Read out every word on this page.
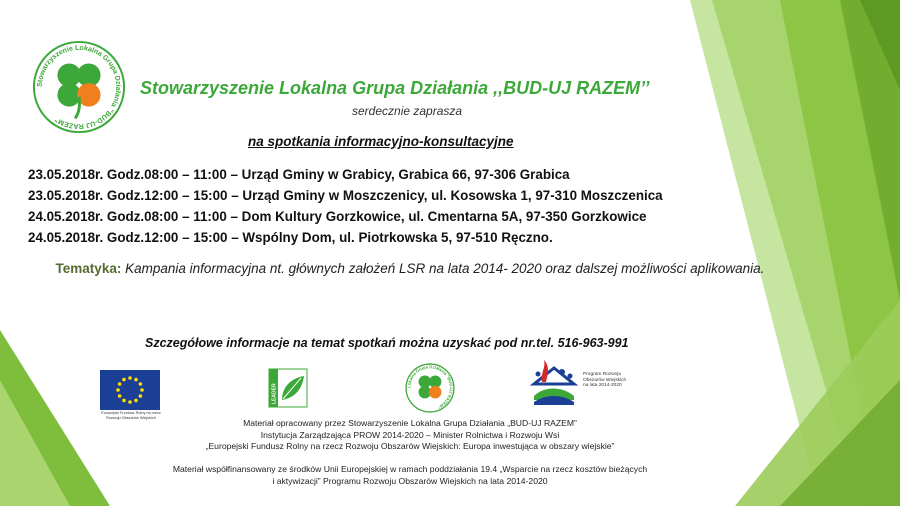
Stowarzyszenie Lokalna Grupa Działania "BUD-UJ RAZEM"
Stowarzyszenie Lokalna Grupa Działania ,,BUD-UJ RAZEM’’
serdecznie zaprasza
na spotkania informacyjno-konsultacyjne
23.05.2018r. Godz.08:00 – 11:00 – Urząd Gminy w Grabicy, Grabica 66, 97-306 Grabica
23.05.2018r. Godz.12:00 – 15:00 – Urząd Gminy w Moszczenicy, ul. Kosowska 1, 97-310 Moszczenica
24.05.2018r. Godz.08:00 – 11:00 – Dom Kultury Gorzkowice, ul. Cmentarna 5A, 97-350 Gorzkowice
24.05.2018r. Godz.12:00 – 15:00 – Wspólny Dom, ul. Piotrkowska 5, 97-510 Ręczno.
Tematyka: Kampania informacyjna nt. głównych założeń LSR na lata 2014- 2020 oraz dalszej możliwości aplikowania.
Szczegółowe informacje na temat spotkań można uzyskać pod nr.tel. 516-963-991
Europejski Fundusz Rolny na rzecz Rozwoju Obszarów Wiejskich
LEADER	Lokalna Grupa Działania "BUD-UJ RAZEM"
Program Rozwoju Obszarów Wiejskich
na lata 2014-2020
Materiał opracowany przez Stowarzyszenie Lokalna Grupa Działania „BUD-UJ RAZEM”
Instytucja Zarządzająca PROW 2014-2020 – Minister Rolnictwa i Rozwoju Wsi
„Europejski Fundusz Rolny na rzecz Rozwoju Obszarów Wiejskich: Europa inwestująca w obszary wiejskie”
Materiał współfinansowany ze środków Unii Europejskiej w ramach poddziałania 19.4 „Wsparcie na rzecz kosztów bieżących
i aktywizacji” Programu Rozwoju Obszarów Wiejskich na lata 2014-2020
